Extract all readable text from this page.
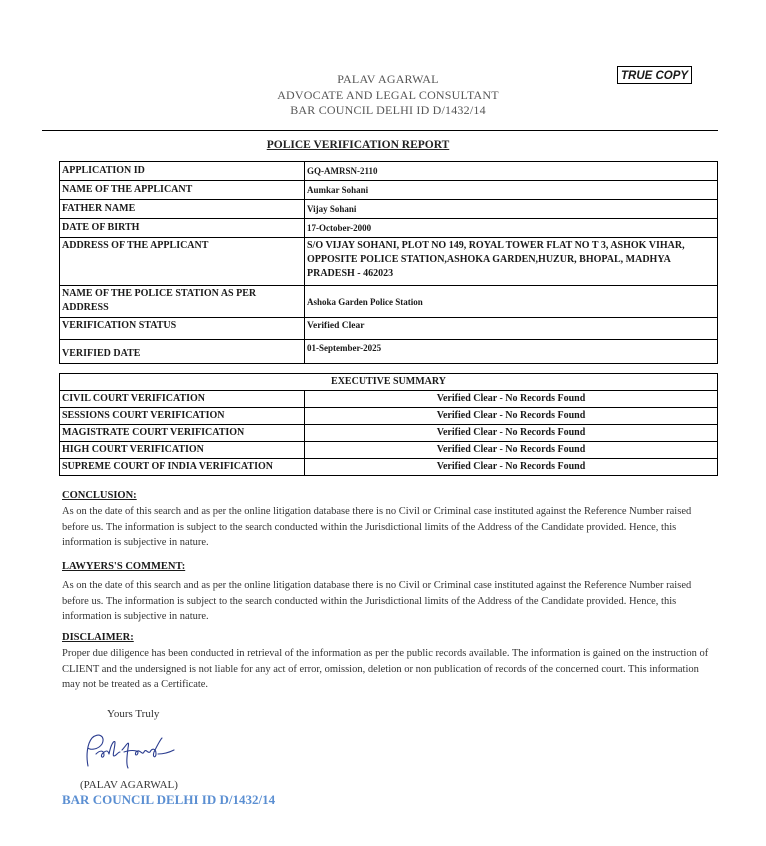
TRUE COPY
PALAV AGARWAL
ADVOCATE AND LEGAL CONSULTANT
BAR COUNCIL DELHI ID D/1432/14
POLICE VERIFICATION REPORT
APPLICATION ID	GQ-AMRSN-2110
NAME OF THE APPLICANT	Aumkar Sohani
FATHER NAME	Vijay Sohani
DATE OF BIRTH	17-October-2000
ADDRESS OF THE APPLICANT	S/O VIJAY SOHANI, PLOT NO 149, ROYAL TOWER FLAT NO T 3, ASHOK VIHAR, OPPOSITE POLICE STATION,ASHOKA GARDEN,HUZUR, BHOPAL, MADHYA PRADESH - 462023
NAME OF THE POLICE STATION AS PER ADDRESS	Ashoka Garden Police Station
VERIFICATION STATUS	Verified Clear
VERIFIED DATE	01-September-2025
EXECUTIVE SUMMARY	
CIVIL COURT VERIFICATION	Verified Clear - No Records Found
SESSIONS COURT VERIFICATION	Verified Clear - No Records Found
MAGISTRATE COURT VERIFICATION	Verified Clear - No Records Found
HIGH COURT VERIFICATION	Verified Clear - No Records Found
SUPREME COURT OF INDIA VERIFICATION	Verified Clear - No Records Found
CONCLUSION:
As on the date of this search and as per the online litigation database there is no Civil or Criminal case instituted against the Reference Number raised before us. The information is subject to the search conducted within the Jurisdictional limits of the Address of the Candidate provided. Hence, this information is subjective in nature.
LAWYERS'S COMMENT:
As on the date of this search and as per the online litigation database there is no Civil or Criminal case instituted against the Reference Number raised before us. The information is subject to the search conducted within the Jurisdictional limits of the Address of the Candidate provided. Hence, this information is subjective in nature.
DISCLAIMER:
Proper due diligence has been conducted in retrieval of the information as per the public records available. The information is gained on the instruction of CLIENT and the undersigned is not liable for any act of error, omission, deletion or non publication of records of the concerned court. This information may not be treated as a Certificate.
Yours Truly
(PALAV AGARWAL)
BAR COUNCIL DELHI ID D/1432/14
